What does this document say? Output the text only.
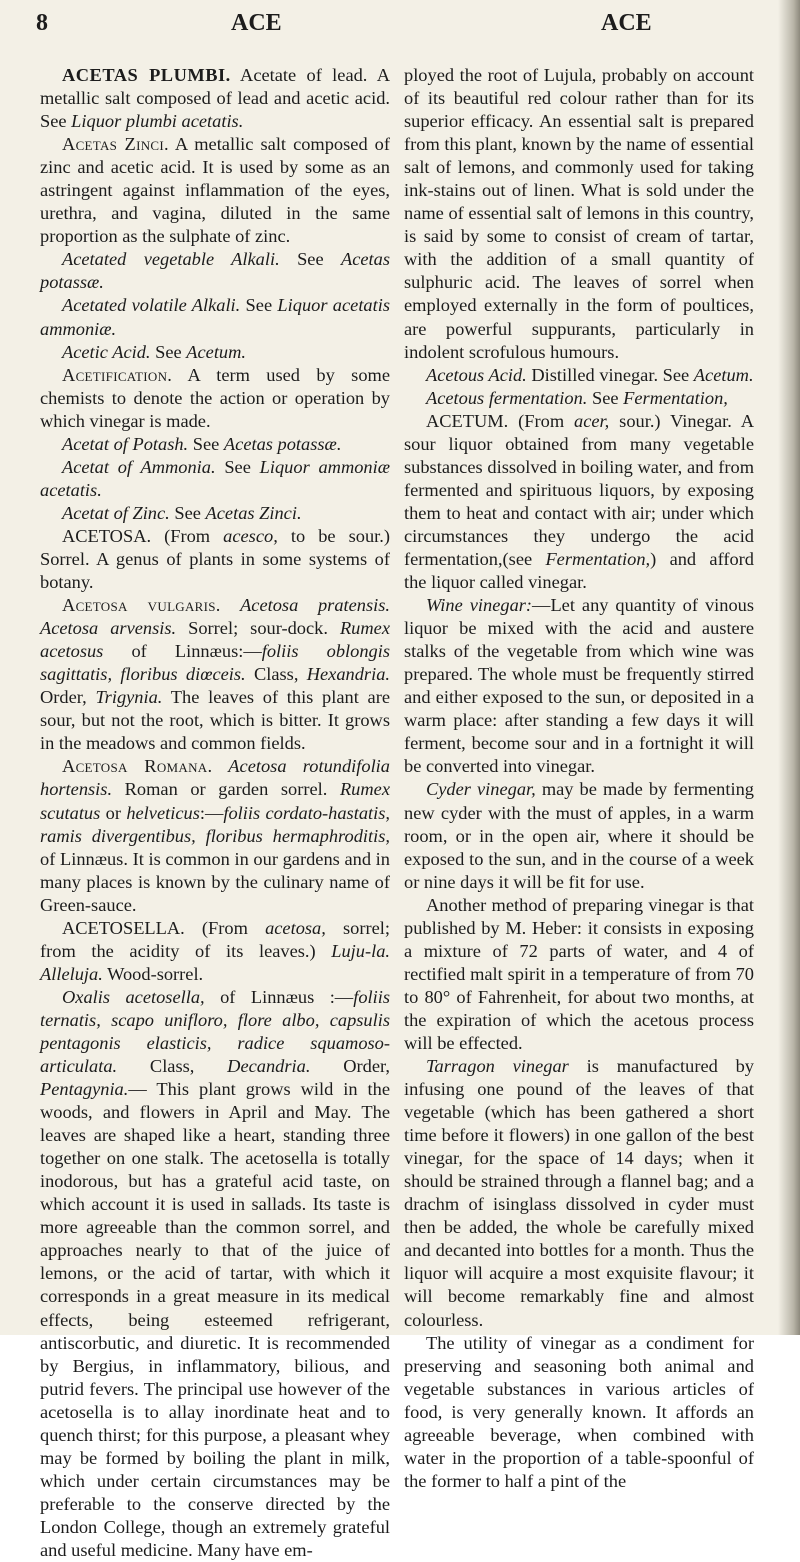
8	ACE	ACE

ACETAS PLUMBI. Acetate of lead. A metallic salt composed of lead and acetic acid. See Liquor plumbi acetatis.

Acetas Zinci. A metallic salt composed of zinc and acetic acid. It is used by some as an astringent against inflammation of the eyes, urethra, and vagina, diluted in the same proportion as the sulphate of zinc.

Acetated vegetable Alkali. See Acetas potassæ.

Acetated volatile Alkali. See Liquor acetatis ammoniæ.

Acetic Acid. See Acetum.

Acetification. A term used by some chemists to denote the action or operation by which vinegar is made.

Acetat of Potash. See Acetas potassæ.

Acetat of Ammonia. See Liquor ammoniæ acetatis.

Acetat of Zinc. See Acetas Zinci.

ACETOSA. (From acesco, to be sour.) Sorrel. A genus of plants in some systems of botany.

Acetosa vulgaris. Acetosa pratensis. Acetosa arvensis. Sorrel; sour-dock. Rumex acetosus of Linnæus:—foliis oblongis sagittatis, floribus diœceis. Class, Hexandria. Order, Trigynia. The leaves of this plant are sour, but not the root, which is bitter. It grows in the meadows and common fields.

Acetosa Romana. Acetosa rotundifolia hortensis. Roman or garden sorrel. Rumex scutatus or helveticus:—foliis cordato-hastatis, ramis divergentibus, floribus hermaphroditis, of Linnæus. It is common in our gardens and in many places is known by the culinary name of Green-sauce.

ACETOSELLA. (From acetosa, sorrel; from the acidity of its leaves.) Luju-la. Alleluja. Wood-sorrel.

Oxalis acetosella, of Linnæus :—foliis ternatis, scapo unifloro, flore albo, capsulis pentagonis elasticis, radice squamoso-articulata. Class, Decandria. Order, Pentagynia.— This plant grows wild in the woods, and flowers in April and May. The leaves are shaped like a heart, standing three together on one stalk. The acetosella is totally inodorous, but has a grateful acid taste, on which account it is used in sallads. Its taste is more agreeable than the common sorrel, and approaches nearly to that of the juice of lemons, or the acid of tartar, with which it corresponds in a great measure in its medical effects, being esteemed refrigerant, antiscorbutic, and diuretic. It is recommended by Bergius, in inflammatory, bilious, and putrid fevers. The principal use however of the acetosella is to allay inordinate heat and to quench thirst; for this purpose, a pleasant whey may be formed by boiling the plant in milk, which under certain circumstances may be preferable to the conserve directed by the London College, though an extremely grateful and useful medicine. Many have em-

ployed the root of Lujula, probably on account of its beautiful red colour rather than for its superior efficacy. An essential salt is prepared from this plant, known by the name of essential salt of lemons, and commonly used for taking ink-stains out of linen. What is sold under the name of essential salt of lemons in this country, is said by some to consist of cream of tartar, with the addition of a small quantity of sulphuric acid. The leaves of sorrel when employed externally in the form of poultices, are powerful suppurants, particularly in indolent scrofulous humours.

Acetous Acid. Distilled vinegar. See Acetum.

Acetous fermentation. See Fermentation,

ACETUM. (From acer, sour.) Vinegar. A sour liquor obtained from many vegetable substances dissolved in boiling water, and from fermented and spirituous liquors, by exposing them to heat and contact with air; under which circumstances they undergo the acid fermentation,(see Fermentation,) and afford the liquor called vinegar.

Wine vinegar:—Let any quantity of vinous liquor be mixed with the acid and austere stalks of the vegetable from which wine was prepared. The whole must be frequently stirred and either exposed to the sun, or deposited in a warm place: after standing a few days it will ferment, become sour and in a fortnight it will be converted into vinegar.

Cyder vinegar, may be made by fermenting new cyder with the must of apples, in a warm room, or in the open air, where it should be exposed to the sun, and in the course of a week or nine days it will be fit for use.

Another method of preparing vinegar is that published by M. Heber: it consists in exposing a mixture of 72 parts of water, and 4 of rectified malt spirit in a temperature of from 70 to 80° of Fahrenheit, for about two months, at the expiration of which the acetous process will be effected.

Tarragon vinegar is manufactured by infusing one pound of the leaves of that vegetable (which has been gathered a short time before it flowers) in one gallon of the best vinegar, for the space of 14 days; when it should be strained through a flannel bag; and a drachm of isinglass dissolved in cyder must then be added, the whole be carefully mixed and decanted into bottles for a month. Thus the liquor will acquire a most exquisite flavour; it will become remarkably fine and almost colourless.

The utility of vinegar as a condiment for preserving and seasoning both animal and vegetable substances in various articles of food, is very generally known. It affords an agreeable beverage, when combined with water in the proportion of a table-spoonful of the former to half a pint of the
